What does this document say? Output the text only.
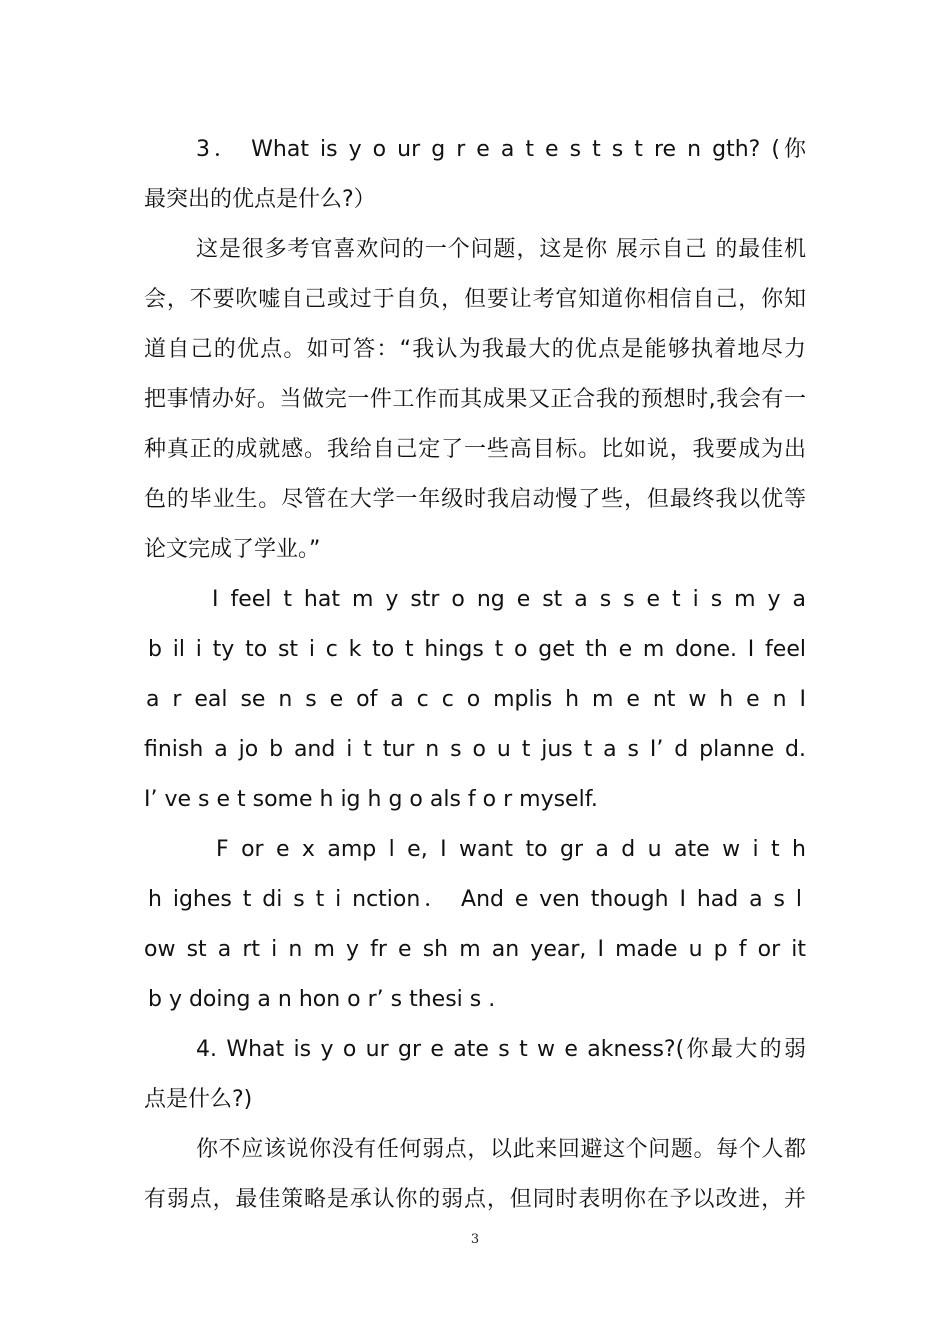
3． What is y o ur g r e a t e s t s t re n gth? (你
最突出的优点是什么?）
这是很多考官喜欢问的一个问题，这是你 展示自己 的最佳机
会，不要吹嘘自己或过于自负，但要让考官知道你相信自己，你知
道自己的优点。如可答：“我认为我最大的优点是能够执着地尽力
把事情办好。当做完一件工作而其成果又正合我的预想时,我会有一
种真正的成就感。我给自己定了一些高目标。比如说，我要成为出
色的毕业生。尽管在大学一年级时我启动慢了些，但最终我以优等
论文完成了学业。”
I feel t hat m y str o ng e st a s s e t i s m y a
b il i ty to st i c k to t hings t o get th e m done. I feel
a r eal se n s e of a c c o mplis h m e nt w h e n I
finish a jo b and i t tur n s o u t jus t a s I’ d planne d.
I’ ve s e t some h ig h g o als f o r myself.
F or e x amp l e, I want to gr a d u ate w i t h
h ighes t di s t i nction． And e ven though I had a s l
ow st a rt i n m y fr e sh m an year, I made u p f or it
b y doing a n hon o r’ s thesi s .
4. What is y o ur gr e ate s t w e akness?(你最大的弱
点是什么?)
你不应该说你没有任何弱点，以此来回避这个问题。每个人都
有弱点，最佳策略是承认你的弱点，但同时表明你在予以改进，并
3
